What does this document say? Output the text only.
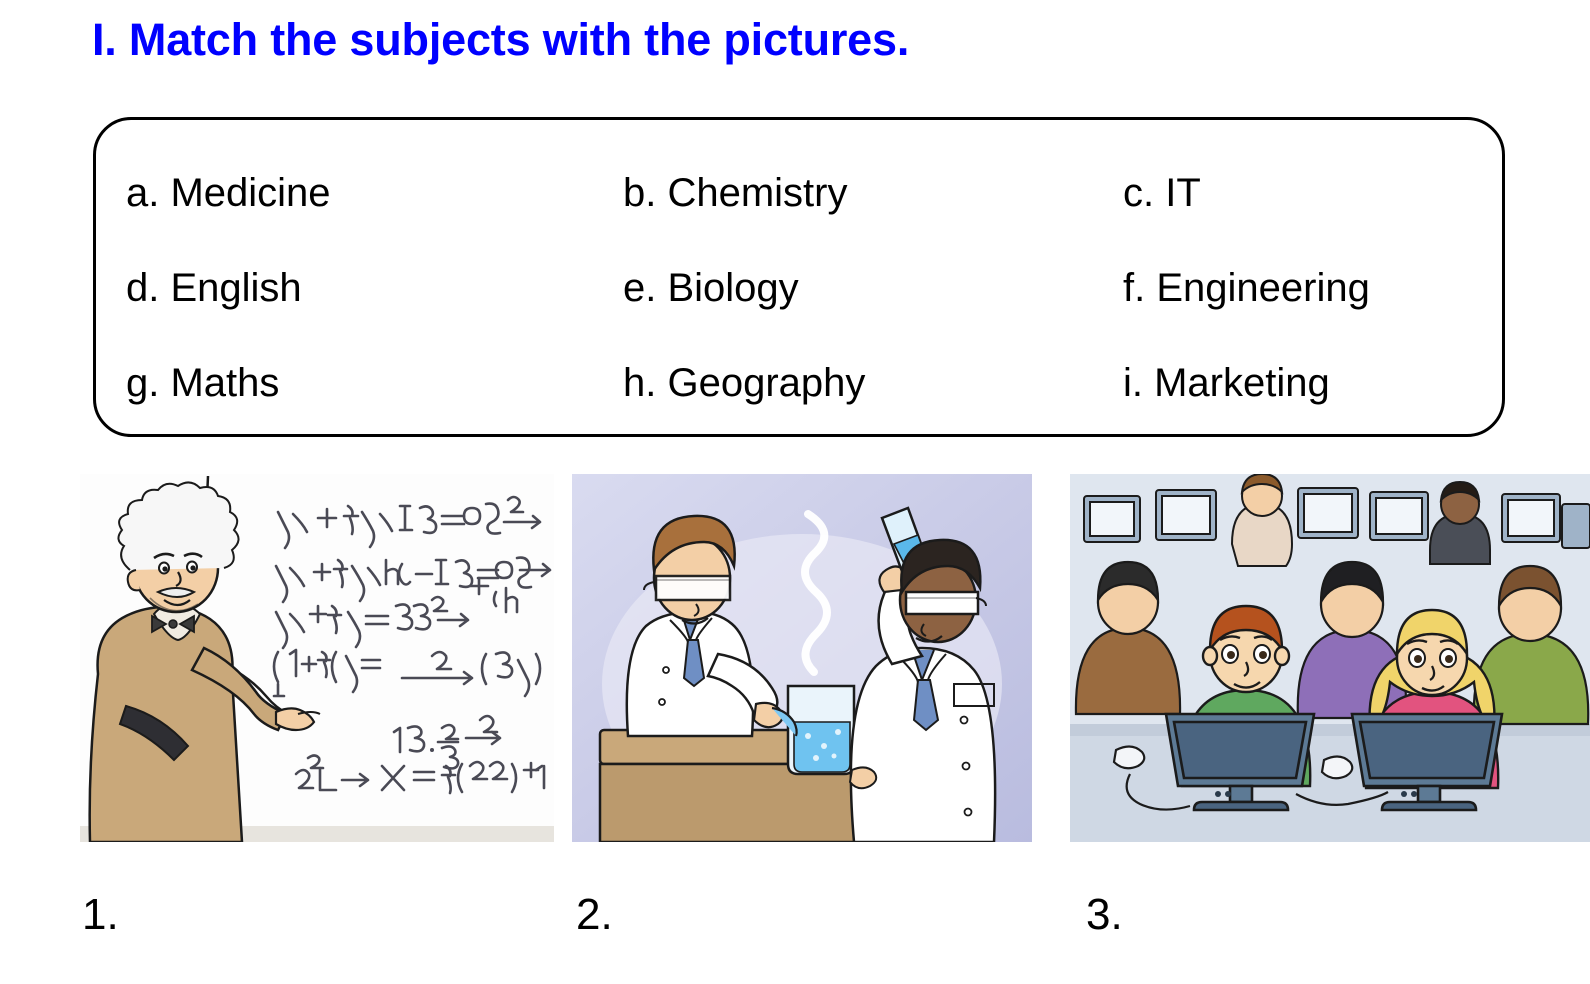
I. Match the subjects with the pictures.
a. Medicine	b. Chemistry	c. IT
d. English	e. Biology	f. Engineering
g. Maths	h. Geography	i. Marketing
1.	2.	3.
